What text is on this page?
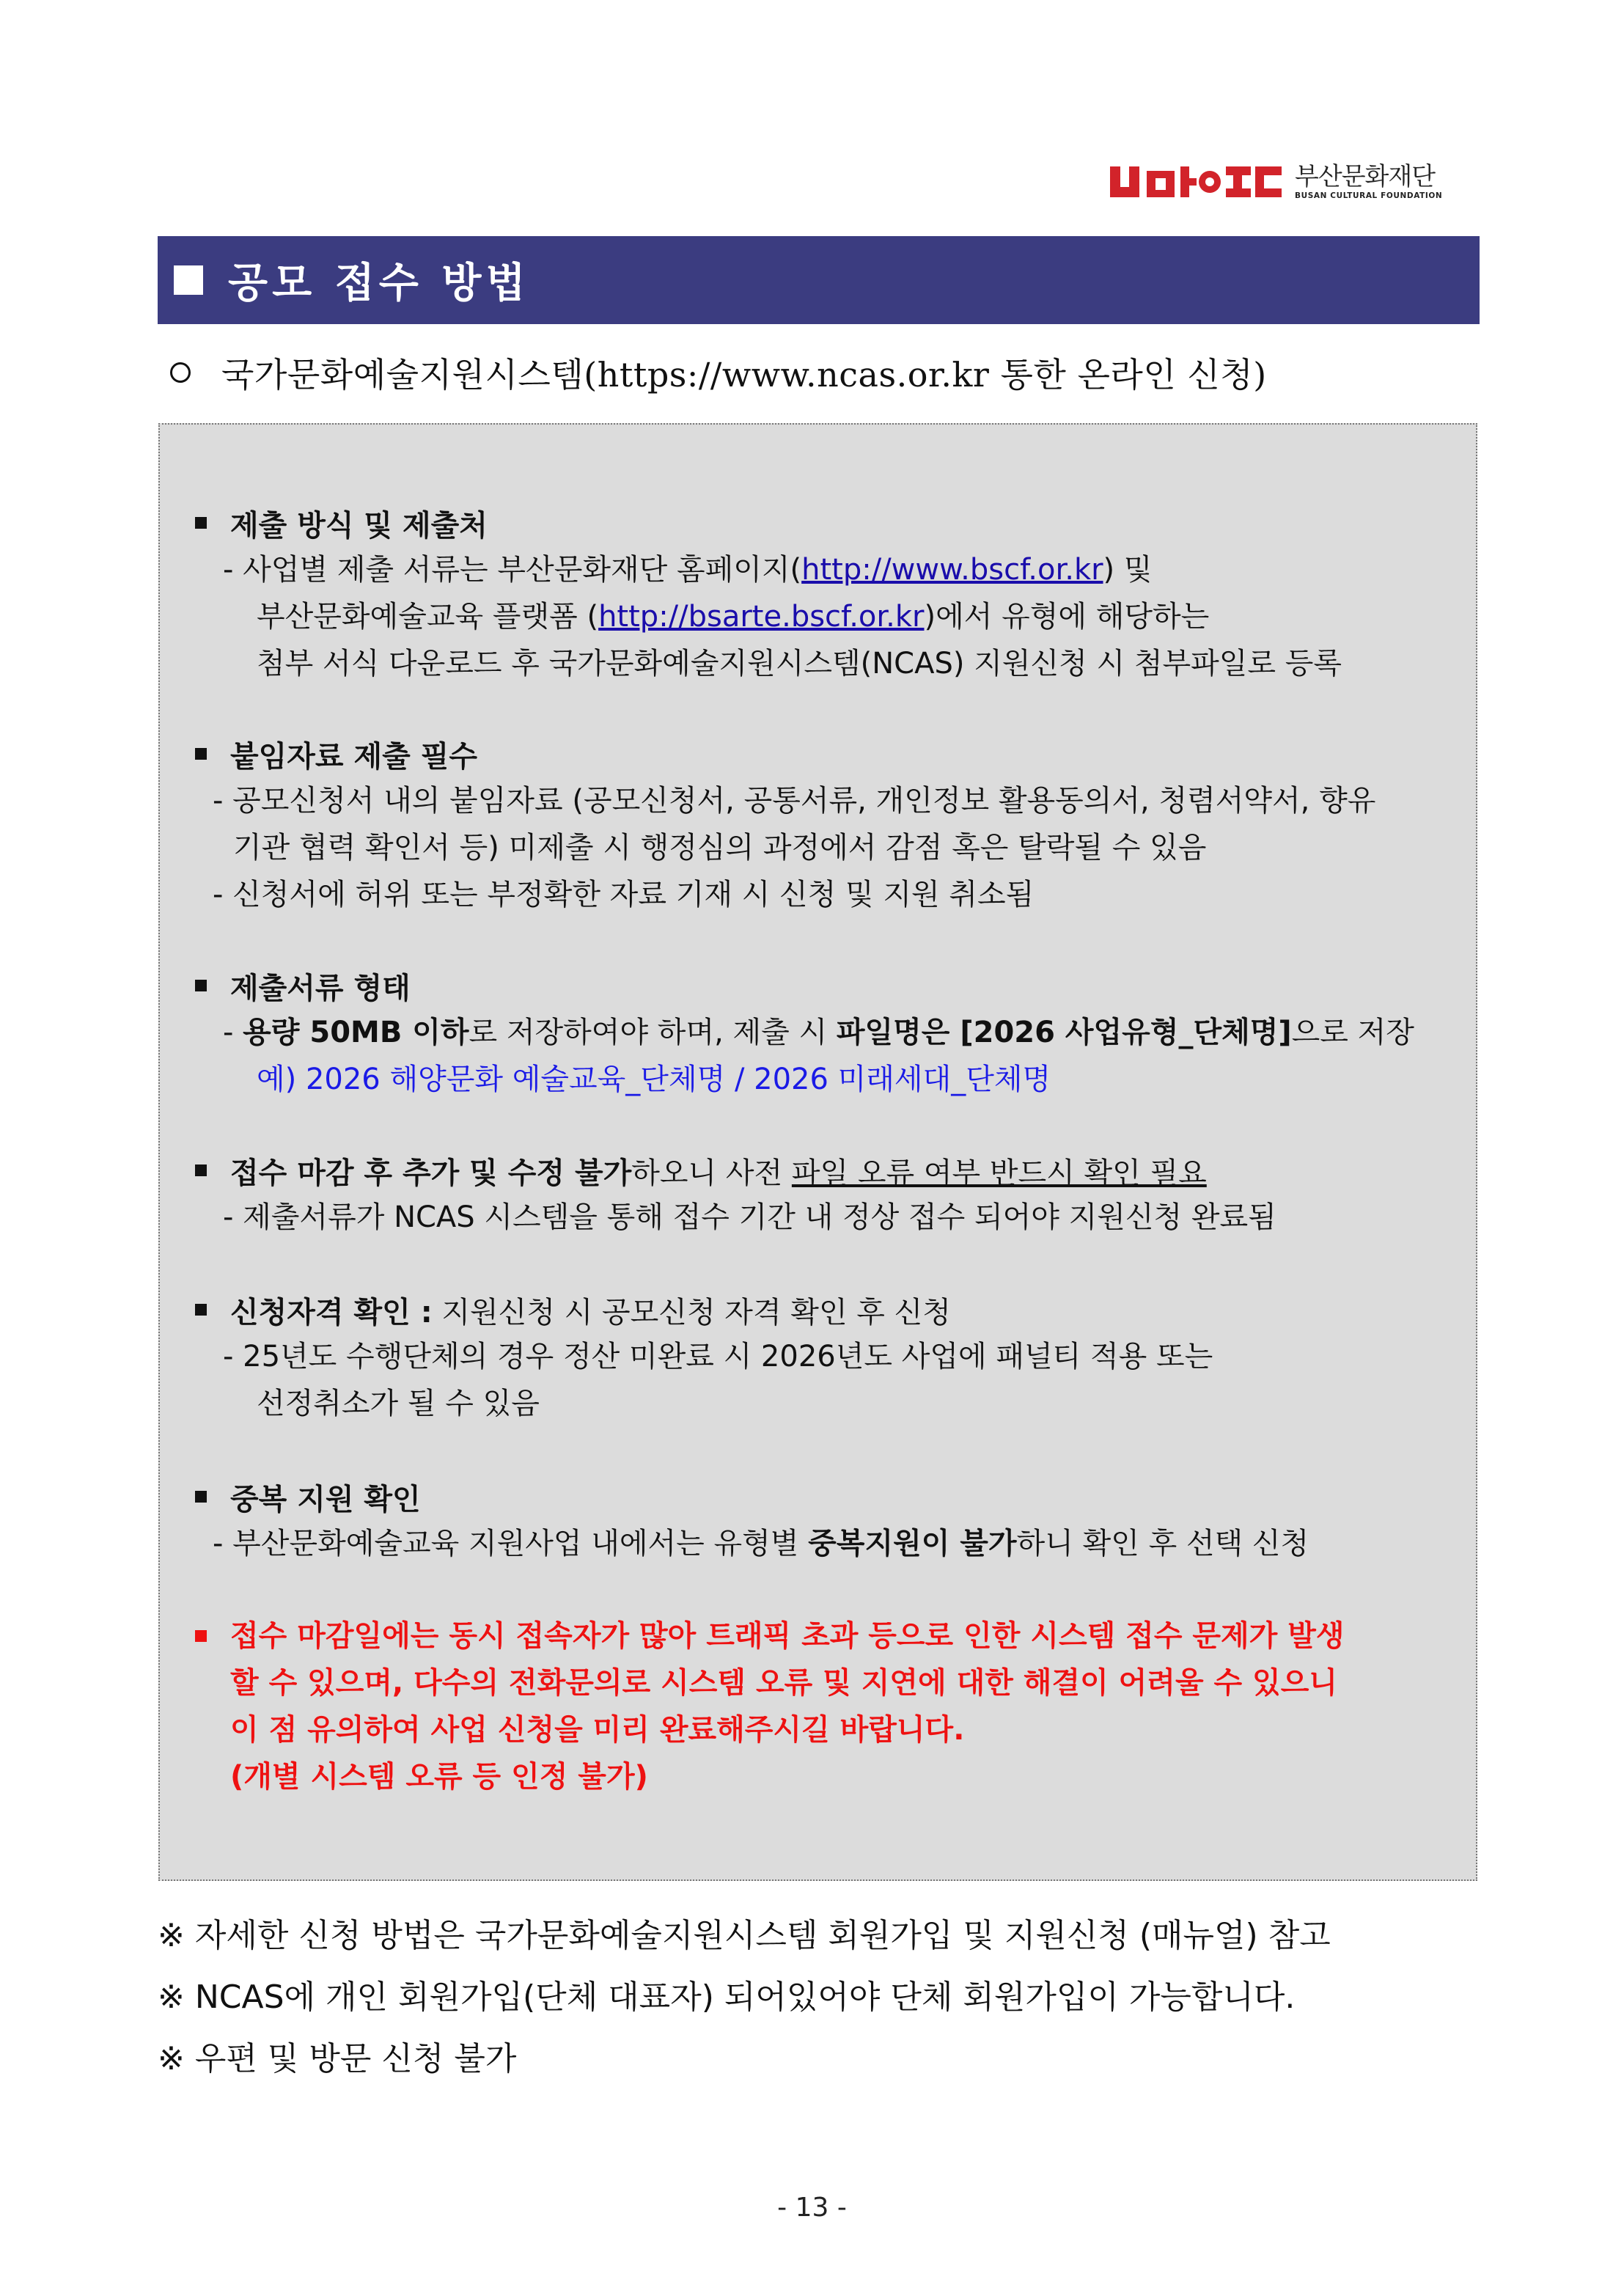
부산문화재단
BUSAN CULTURAL FOUNDATION
공모 접수 방법
국가문화예술지원시스템(https://www.ncas.or.kr 통한 온라인 신청)
제출 방식 및 제출처
- 사업별 제출 서류는 부산문화재단 홈페이지(http://www.bscf.or.kr) 및
부산문화예술교육 플랫폼 (http://bsarte.bscf.or.kr)에서 유형에 해당하는
첨부 서식 다운로드 후 국가문화예술지원시스템(NCAS) 지원신청 시 첨부파일로 등록
붙임자료 제출 필수
- 공모신청서 내의 붙임자료 (공모신청서, 공통서류, 개인정보 활용동의서, 청렴서약서, 향유
기관 협력 확인서 등) 미제출 시 행정심의 과정에서 감점 혹은 탈락될 수 있음
- 신청서에 허위 또는 부정확한 자료 기재 시 신청 및 지원 취소됨
제출서류 형태
- 용량 50MB 이하로 저장하여야 하며, 제출 시 파일명은 [2026 사업유형_단체명]으로 저장
예) 2026 해양문화 예술교육_단체명 / 2026 미래세대_단체명
접수 마감 후 추가 및 수정 불가하오니 사전 파일 오류 여부 반드시 확인 필요
- 제출서류가 NCAS 시스템을 통해 접수 기간 내 정상 접수 되어야 지원신청 완료됨
신청자격 확인 : 지원신청 시 공모신청 자격 확인 후 신청
- 25년도 수행단체의 경우 정산 미완료 시 2026년도 사업에 패널티 적용 또는
선정취소가 될 수 있음
중복 지원 확인
- 부산문화예술교육 지원사업 내에서는 유형별 중복지원이 불가하니 확인 후 선택 신청
접수 마감일에는 동시 접속자가 많아 트래픽 초과 등으로 인한 시스템 접수 문제가 발생
할 수 있으며, 다수의 전화문의로 시스템 오류 및 지연에 대한 해결이 어려울 수 있으니
이 점 유의하여 사업 신청을 미리 완료해주시길 바랍니다.
(개별 시스템 오류 등 인정 불가)
※ 자세한 신청 방법은 국가문화예술지원시스템 회원가입 및 지원신청 (매뉴얼) 참고
※ NCAS에 개인 회원가입(단체 대표자) 되어있어야 단체 회원가입이 가능합니다.
※ 우편 및 방문 신청 불가
- 13 -
